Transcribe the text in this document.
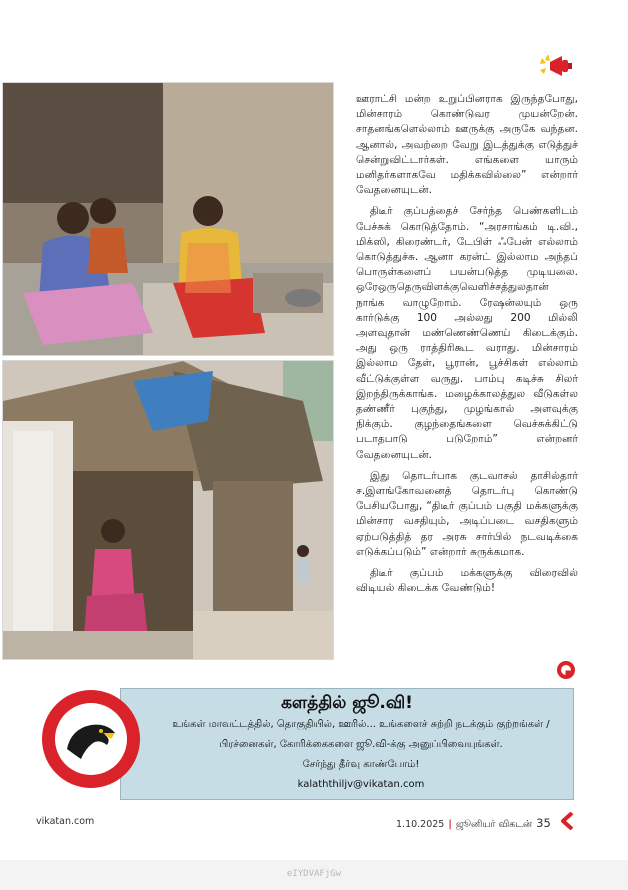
ஊராட்சி மன்ற உறுப்பினராக இருந்தபோது, மின்சாரம் கொண்டுவர முயன்றேன். சாதனங்களெல்லாம் ஊருக்கு அருகே வந்தன. ஆனால், அவற்றை வேறு இடத்துக்கு எடுத்துச் சென்றுவிட்டார்கள். எங்களை யாரும் மனிதர்களாகவே மதிக்கவில்லை” என்றார் வேதனையுடன்.

திடீர் குப்பத்தைச் சேர்ந்த பெண்களிடம் பேச்சுக் கொடுத்தோம். “அரசாங்கம் டி.வி., மிக்ஸி, கிரைண்டர், டேபிள் ஃபேன் எல்லாம் கொடுத்துச்சு. ஆனா கரன்ட் இல்லாம அந்தப் பொருள்களைப் பயன்படுத்த முடியலை. ஒரேஒருதெருவிளக்குவெளிச்சத்துலதான் நாங்க வாழுறோம். ரேஷன்லயும் ஒரு கார்டுக்கு 100 அல்லது 200 மில்லி அளவுதான் மண்ணெண்ணெய் கிடைக்கும். அது ஒரு ராத்திரிகூட வராது. மின்சாரம் இல்லாம தேள், பூரான், பூச்சிகள் எல்லாம் வீட்டுக்குள்ள வருது. பாம்பு கடிச்சு சிலர் இறந்திருக்காங்க. மழைக்காலத்துல வீடுகள்ல தண்ணீர் புகுந்து, முழங்கால் அளவுக்கு நிக்கும். குழந்தைங்களை வெச்சுக்கிட்டு படாதபாடு படுறோம்” என்றனர் வேதனையுடன்.

இது தொடர்பாக குடவாசல் தாசில்தார் ச.இளங்கோவனைத் தொடர்பு கொண்டு பேசியபோது, “திடீர் குப்பம் பகுதி மக்களுக்கு மின்சார வசதியும், அடிப்படை வசதிகளும் ஏற்படுத்தித் தர அரசு சார்பில் நடவடிக்கை எடுக்கப்படும்” என்றார் சுருக்கமாக.

திடீர் குப்பம் மக்களுக்கு விரைவில் விடியல் கிடைக்க வேண்டும்!

களத்தில் ஜூ.வி!
உங்கள் மாவட்டத்தில், தொகுதியில், ஊரில்... உங்களைச் சுற்றி நடக்கும் குற்றங்கள் /
பிரச்னைகள், கோரிக்கைகளை ஜூ.வி-க்கு அனுப்பிவையுங்கள்.
சேர்ந்து தீர்வு காண்போம்!
kalaththiljv@vikatan.com
vikatan.com	1.10.2025 | ஜூனியர் விகடன் 35
eIYDVAFjGw
